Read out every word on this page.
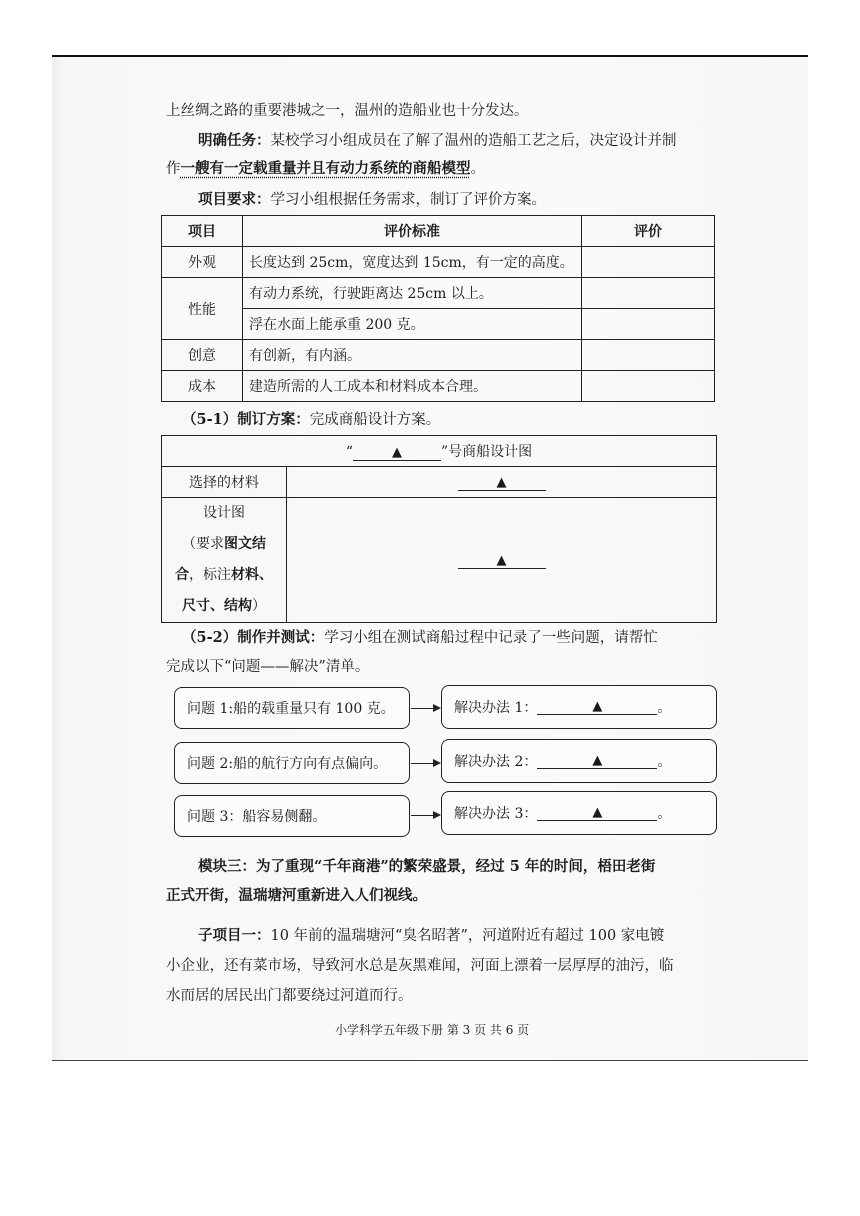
上丝绸之路的重要港城之一，温州的造船业也十分发达。
明确任务：某校学习小组成员在了解了温州的造船工艺之后，决定设计并制
作一艘有一定载重量并且有动力系统的商船模型。
项目要求：学习小组根据任务需求，制订了评价方案。
项目	评价标准	评价
外观	长度达到 25cm，宽度达到 15cm，有一定的高度。	
性能	有动力系统，行驶距离达 25cm 以上。	
	浮在水面上能承重 200 克。	
创意	有创新，有内涵。	
成本	建造所需的人工成本和材料成本合理。	
（5-1）制订方案：完成商船设计方案。
“ ▲ ”号商船设计图	
选择的材料	▲

设计图
（要求图文结
合，标注材料、
尺寸、结构）	▲
（5-2）制作并测试：学习小组在测试商船过程中记录了一些问题，请帮忙
完成以下“问题——解决”清单。
问题 1:船的载重量只有 100 克。	解决办法 1：	▲	。
问题 2:船的航行方向有点偏向。	解决办法 2：	▲	。
问题 3：船容易侧翻。	解决办法 3：	▲	。
模块三：为了重现“千年商港”的繁荣盛景，经过 5 年的时间，梧田老街
正式开街，温瑞塘河重新进入人们视线。
子项目一：10 年前的温瑞塘河“臭名昭著”，河道附近有超过 100 家电镀
小企业，还有菜市场，导致河水总是灰黑难闻，河面上漂着一层厚厚的油污，临
水而居的居民出门都要绕过河道而行。
小学科学五年级下册 第 3 页 共 6 页
